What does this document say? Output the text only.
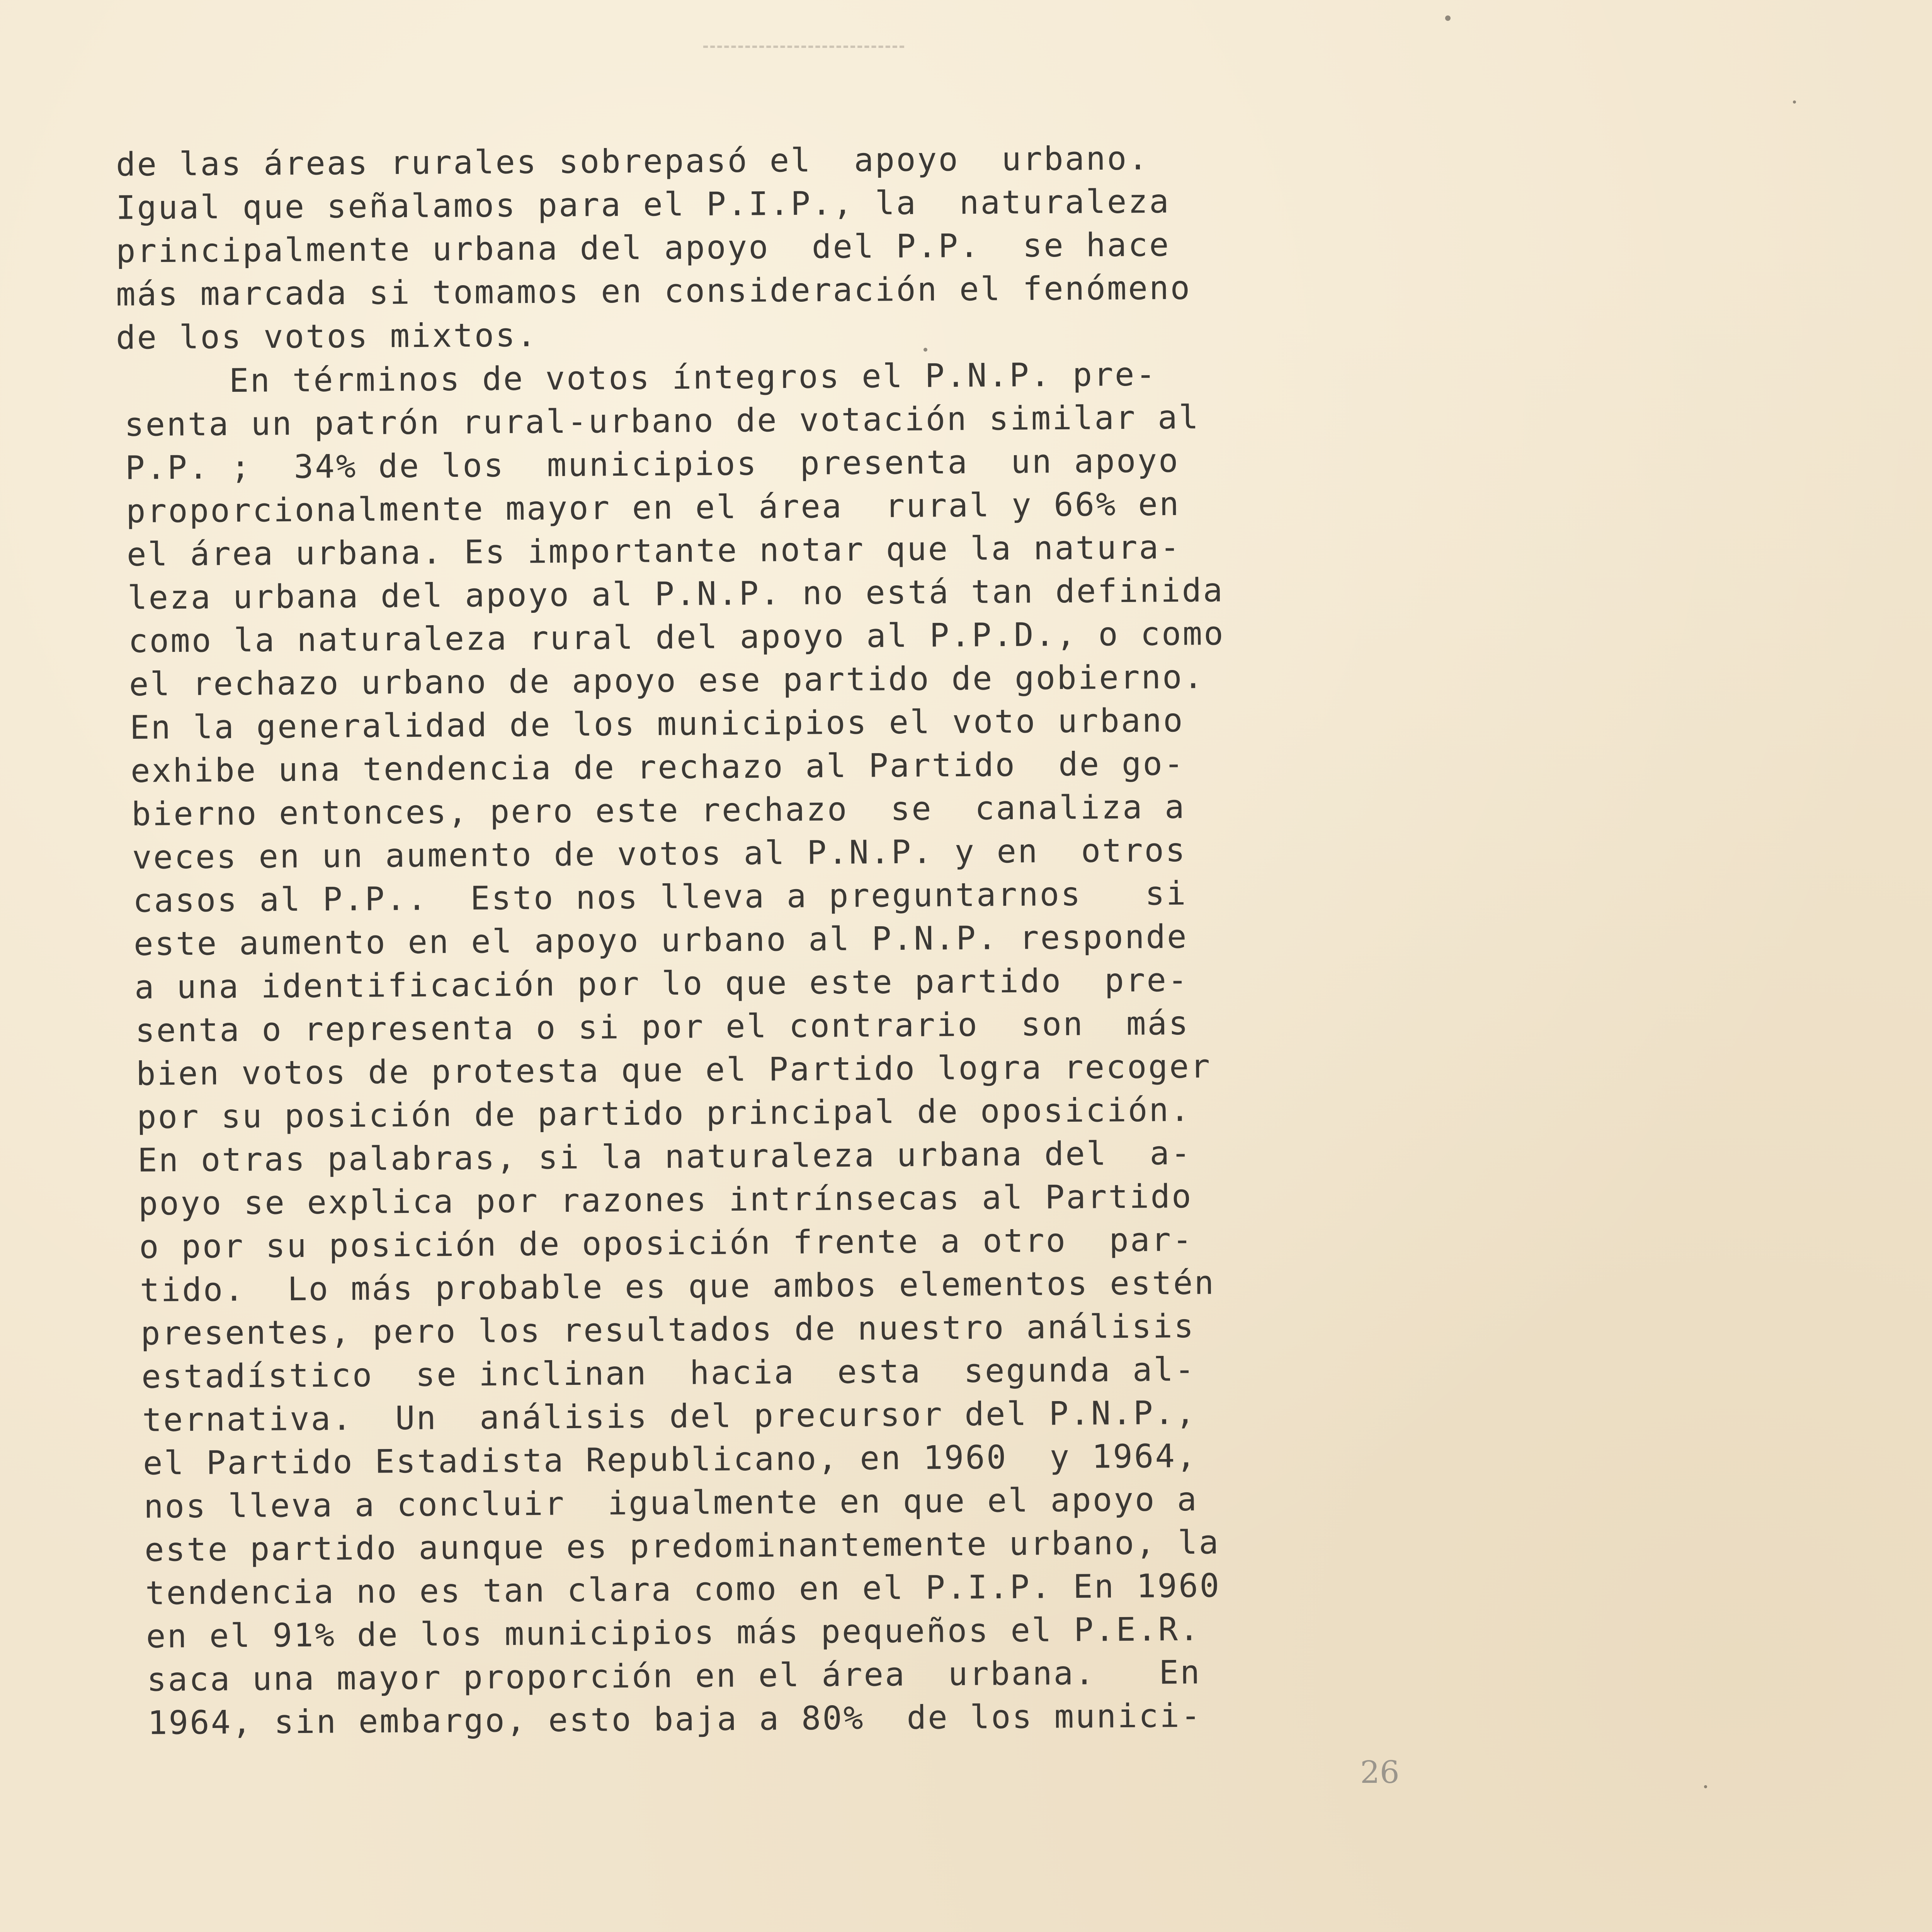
de las áreas rurales sobrepasó el  apoyo  urbano.
Igual que señalamos para el P.I.P., la  naturaleza
principalmente urbana del apoyo  del P.P.  se hace
más marcada si tomamos en consideración el fenómeno
de los votos mixtos.
En términos de votos íntegros el P.N.P. pre-
senta un patrón rural-urbano de votación similar al
P.P. ;  34% de los  municipios  presenta  un apoyo
proporcionalmente mayor en el área  rural y 66% en
el área urbana. Es importante notar que la natura-
leza urbana del apoyo al P.N.P. no está tan definida
como la naturaleza rural del apoyo al P.P.D., o como
el rechazo urbano de apoyo ese partido de gobierno.
En la generalidad de los municipios el voto urbano
exhibe una tendencia de rechazo al Partido  de go-
bierno entonces, pero este rechazo  se  canaliza a
veces en un aumento de votos al P.N.P. y en  otros
casos al P.P..  Esto nos lleva a preguntarnos   si
este aumento en el apoyo urbano al P.N.P. responde
a una identificación por lo que este partido  pre-
senta o representa o si por el contrario  son  más
bien votos de protesta que el Partido logra recoger
por su posición de partido principal de oposición.
En otras palabras, si la naturaleza urbana del  a-
poyo se explica por razones intrínsecas al Partido
o por su posición de oposición frente a otro  par-
tido.  Lo más probable es que ambos elementos estén
presentes, pero los resultados de nuestro análisis
estadístico  se inclinan  hacia  esta  segunda al-
ternativa.  Un  análisis del precursor del P.N.P.,
el Partido Estadista Republicano, en 1960  y 1964,
nos lleva a concluir  igualmente en que el apoyo a
este partido aunque es predominantemente urbano, la
tendencia no es tan clara como en el P.I.P. En 1960
en el 91% de los municipios más pequeños el P.E.R.
saca una mayor proporción en el área  urbana.   En
1964, sin embargo, esto baja a 80%  de los munici-
26
